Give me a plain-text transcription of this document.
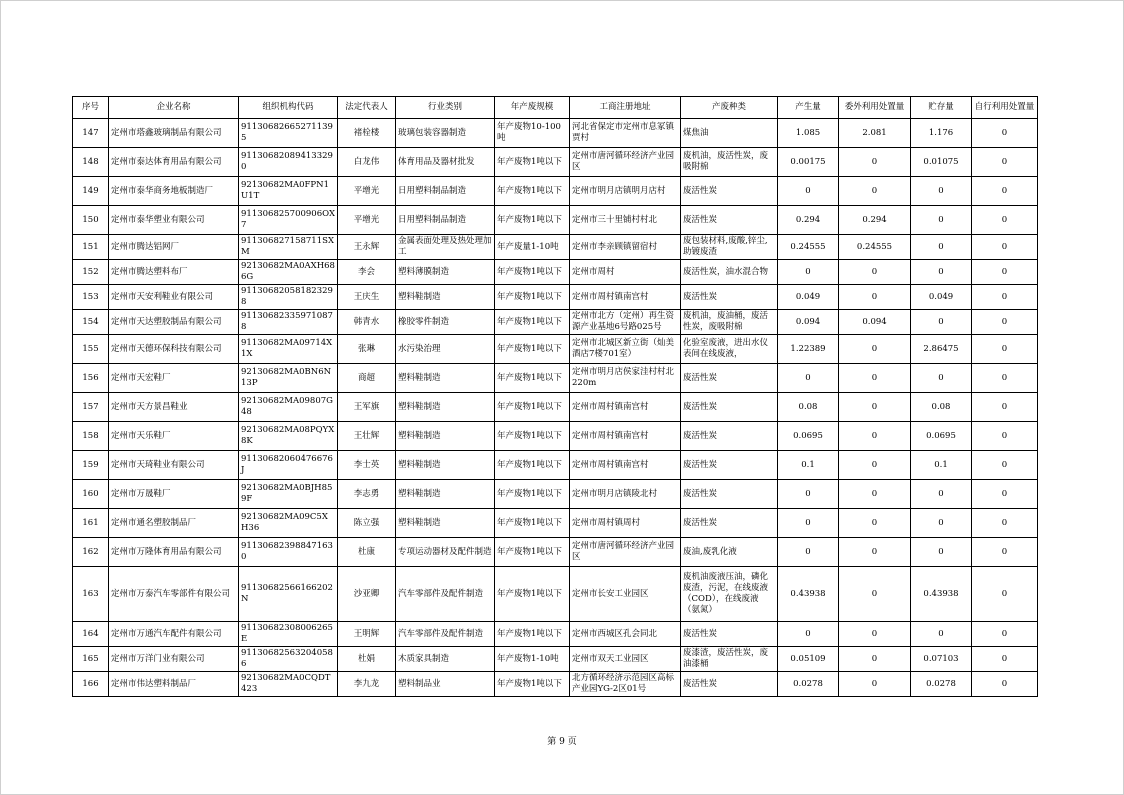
序号	企业名称	组织机构代码	法定代表人	行业类别	年产废规模	工商注册地址	产废种类	产生量	委外利用处置量	贮存量	自行利用处置量
147	定州市塔鑫玻璃制品有限公司	911306826652711395	褚栓楼	玻璃包装容器制造	年产废物10-100吨	河北省保定市定州市息冢镇贾村	煤焦油	1.085	2.081	1.176	0
148	定州市泰达体育用品有限公司	911306820894133290	白龙伟	体育用品及器材批发	年产废物1吨以下	定州市唐河循环经济产业园区	废机油，废活性炭，废吸附棉	0.00175	0	0.01075	0
149	定州市泰华商务地板制造厂	92130682MA0FPN1U1T	平增光	日用塑料制品制造	年产废物1吨以下	定州市明月店镇明月店村	废活性炭	0	0	0	0
150	定州市泰华塑业有限公司	911306825700906OX7	平增光	日用塑料制品制造	年产废物1吨以下	定州市三十里铺村村北	废活性炭	0.294	0.294	0	0
151	定州市腾达铝网厂	911306827158711SXM	王永辉	金属表面处理及热处理加工	年产废量1-10吨	定州市李亲顾镇留宿村	废包装材料,废酸,锌尘,助镀废渣	0.24555	0.24555	0	0
152	定州市腾达塑料布厂	92130682MA0AXH686G	李会	塑料薄膜制造	年产废物1吨以下	定州市周村	废活性炭，油水混合物	0	0	0	0
153	定州市天安利鞋业有限公司	911306820581823298	王庆生	塑料鞋制造	年产废物1吨以下	定州市周村镇南宫村	废活性炭	0.049	0	0.049	0
154	定州市天达塑胶制品有限公司	911306823359710878	韩青水	橡胶零件制造	年产废物1吨以下	定州市北方（定州）再生资源产业基地6号路025号	废机油，废油桶，废活性炭，废吸附棉	0.094	0.094	0	0
155	定州市天德环保科技有限公司	91130682MA09714X1X	张琳	水污染治理	年产废物1吨以下	定州市北城区新立街（灿美酒店7楼701室）	化验室废液，进出水仪表间在线废液，	1.22389	0	2.86475	0
156	定州市天宏鞋厂	92130682MA0BN6N13P	商超	塑料鞋制造	年产废物1吨以下	定州市明月店侯家洼村村北220m	废活性炭	0	0	0	0
157	定州市天方景昌鞋业	92130682MA09807G48	王军旗	塑料鞋制造	年产废物1吨以下	定州市周村镇南宫村	废活性炭	0.08	0	0.08	0
158	定州市天乐鞋厂	92130682MA08PQYX8K	王壮辉	塑料鞋制造	年产废物1吨以下	定州市周村镇南宫村	废活性炭	0.0695	0	0.0695	0
159	定州市天琦鞋业有限公司	91130682060476676J	李士英	塑料鞋制造	年产废物1吨以下	定州市周村镇南宫村	废活性炭	0.1	0	0.1	0
160	定州市万晟鞋厂	92130682MA0BJH859F	李志勇	塑料鞋制造	年产废物1吨以下	定州市明月店镇陵北村	废活性炭	0	0	0	0
161	定州市通名塑胶制品厂	92130682MA09C5XH36	陈立强	塑料鞋制造	年产废物1吨以下	定州市周村镇周村	废活性炭	0	0	0	0
162	定州市万隆体育用品有限公司	911306823988471630	杜康	专项运动器材及配件制造	年产废物1吨以下	定州市唐河循环经济产业园区	废油,废乳化液	0	0	0	0
163	定州市万泰汽车零部件有限公司	91130682566166202N	沙亚卿	汽车零部件及配件制造	年产废物1吨以下	定州市长安工业园区	废机油废液压油，磷化废渣，污泥，在线废液（COD），在线废液（氨氮）	0.43938	0	0.43938	0
164	定州市万通汽车配件有限公司	91130682308006265E	王明辉	汽车零部件及配件制造	年产废物1吨以下	定州市西城区孔会同北	废活性炭	0	0	0	0
165	定州市万洋门业有限公司	911306825632040586	杜娟	木质家具制造	年产废物1-10吨	定州市双天工业园区	废漆渣，废活性炭，废油漆桶	0.05109	0	0.07103	0
166	定州市伟达塑料制品厂	92130682MA0CQDT423	李九龙	塑料制品业	年产废物1吨以下	北方循环经济示范园区高标产业园YG-2区01号	废活性炭	0.0278	0	0.0278	0
第 9 页
